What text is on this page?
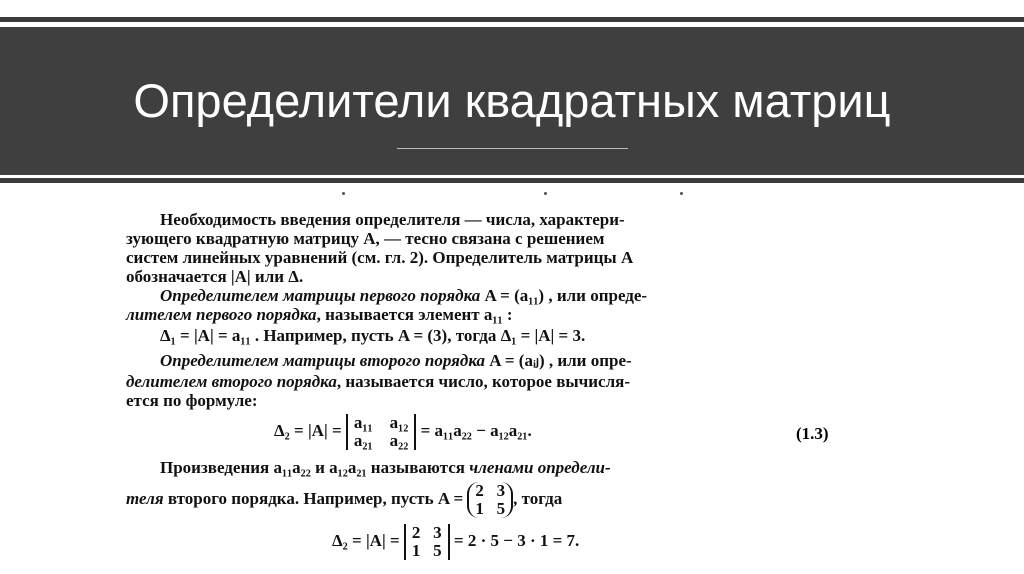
Определители квадратных матриц
Необходимость введения определителя — числа, характери-
зующего квадратную матрицу A, — тесно связана с решением
систем линейных уравнений (см. гл. 2). Определитель матрицы A
обозначается |A| или Δ.
Определителем матрицы первого порядка A = (a₁₁) , или опреде-
лителем первого порядка, называется элемент a₁₁ :
Δ₁ = |A| = a₁₁ . Например, пусть A = (3), тогда Δ₁ = |A| = 3.
Определителем матрицы второго порядка A = (aᵢⱼ) , или опре-
делителем второго порядка, называется число, которое вычисля-
ется по формуле:
Δ₂ = |A| = a₁₁ a₁₂
a₂₁ a₂₂ = a₁₁a₂₂ − a₁₂a₂₁.	(1.3)
Произведения a₁₁a₂₂ и a₁₂a₂₁ называются членами определи-
теля второго порядка. Например, пусть A = 2 3
1 5, тогда
Δ₂ = |A| = 2 3
1 5 = 2 · 5 − 3 · 1 = 7.
